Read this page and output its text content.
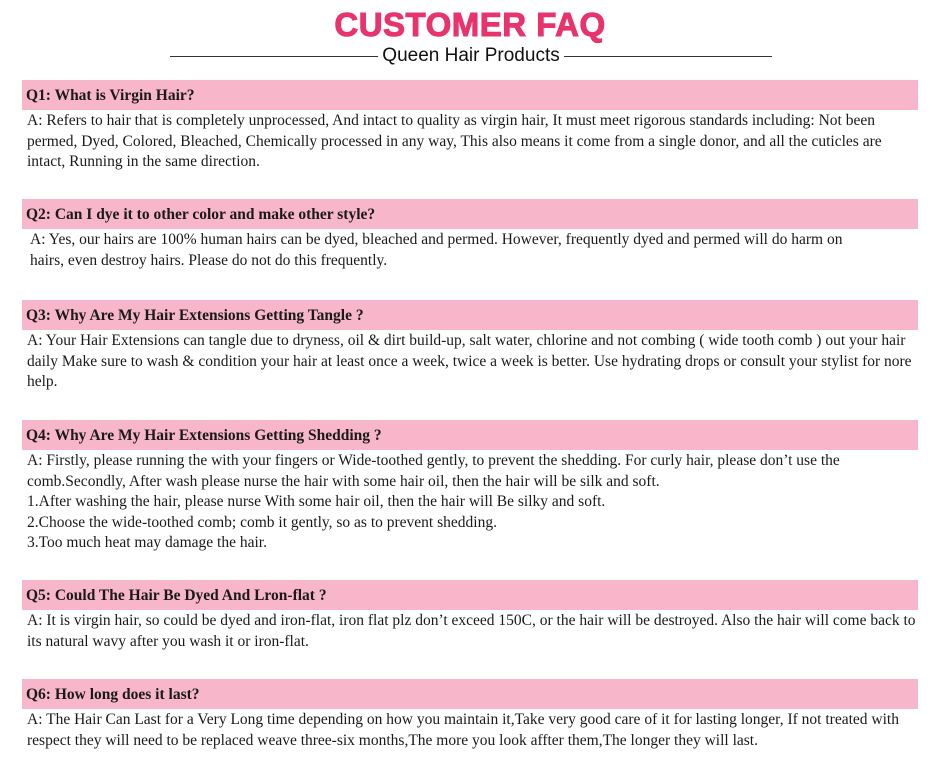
CUSTOMER FAQ
Queen Hair Products
Q1: What is Virgin Hair?

A: Refers to hair that is completely unprocessed, And intact to quality as virgin hair, It must meet rigorous standards including: Not been permed, Dyed, Colored, Bleached, Chemically processed in any way, This also means it come from a single donor, and all the cuticles are intact, Running in the same direction.

Q2: Can I dye it to other color and make other style?

A: Yes, our hairs are 100% human hairs can be dyed, bleached and permed. However, frequently dyed and permed will do harm on hairs, even destroy hairs. Please do not do this frequently.

Q3: Why Are My Hair Extensions Getting Tangle ?

A: Your Hair Extensions can tangle due to dryness, oil & dirt build-up, salt water, chlorine and not combing ( wide tooth comb ) out your hair daily Make sure to wash & condition your hair at least once a week, twice a week is better. Use hydrating drops or consult your stylist for nore help.

Q4: Why Are My Hair Extensions Getting Shedding ?

A: Firstly, please running the with your fingers or Wide-toothed gently, to prevent the shedding. For curly hair, please don’t use the comb.Secondly, After wash please nurse the hair with some hair oil, then the hair will be silk and soft.

1.After washing the hair, please nurse With some hair oil, then the hair will Be silky and soft.

2.Choose the wide-toothed comb; comb it gently, so as to prevent shedding.

3.Too much heat may damage the hair.

Q5: Could The Hair Be Dyed And Lron-flat ?

A: It is virgin hair, so could be dyed and iron-flat, iron flat plz don’t exceed 150C, or the hair will be destroyed. Also the hair will come back to its natural wavy after you wash it or iron-flat.

Q6: How long does it last?

A: The Hair Can Last for a Very Long time depending on how you maintain it,Take very good care of it for lasting longer, If not treated with respect they will need to be replaced weave three-six months,The more you look affter them,The longer they will last.
